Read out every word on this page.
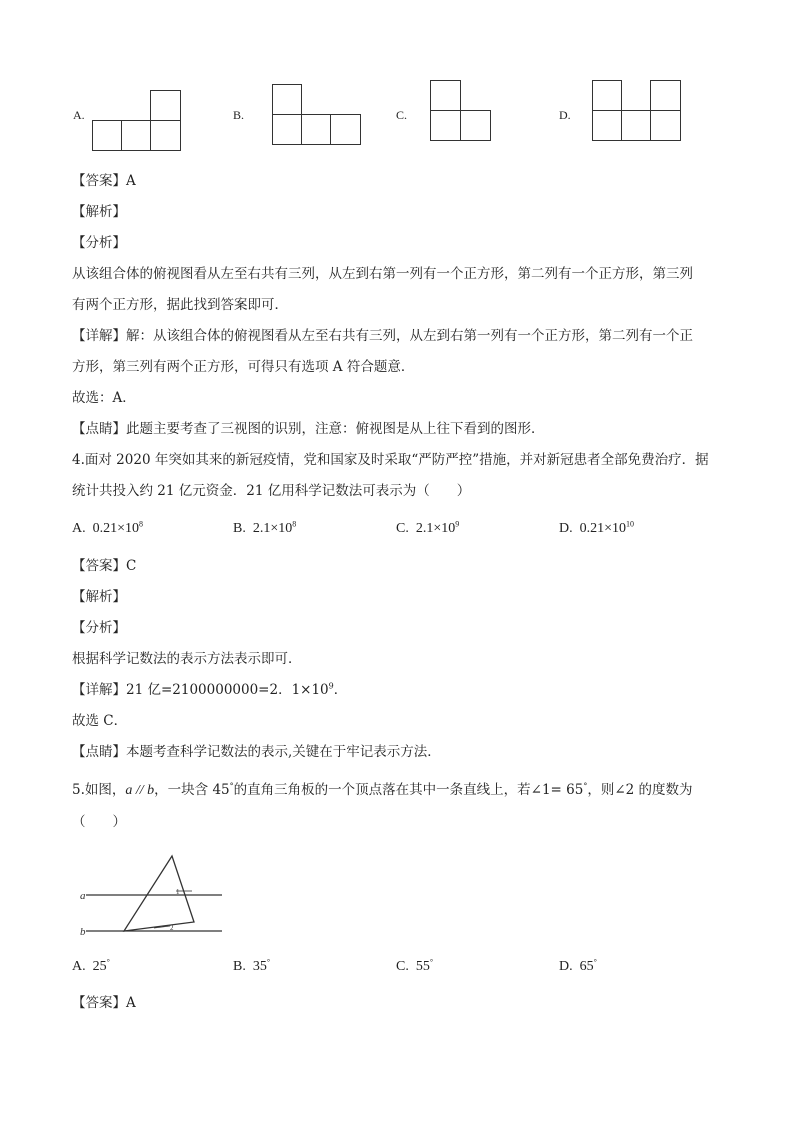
A.	B.	C.	D.
【答案】A
【解析】
【分析】
从该组合体的俯视图看从左至右共有三列，从左到右第一列有一个正方形，第二列有一个正方形，第三列
有两个正方形，据此找到答案即可．
【详解】解：从该组合体的俯视图看从左至右共有三列，从左到右第一列有一个正方形，第二列有一个正
方形，第三列有两个正方形，可得只有选项 A 符合题意．
故选：A．
【点睛】此题主要考查了三视图的识别，注意：俯视图是从上往下看到的图形．
4.面对 2020 年突如其来的新冠疫情，党和国家及时采取“严防严控”措施，并对新冠患者全部免费治疗．据
统计共投入约 21 亿元资金．21 亿用科学记数法可表示为（　　）
A. $0.21\times 10^8$	B. $2.1\times 10^8$	C. $2.1\times 10^9$	D. $0.21\times 10^{10}$
【答案】C
【解析】
【分析】
根据科学记数法的表示方法表示即可．
【详解】21 亿=2100000000=2．$1\times 10^9$．
故选 C．
【点睛】本题考查科学记数法的表示,关键在于牢记表示方法．
5.如图，a // b，一块含 45°的直角三角板的一个顶点落在其中一条直线上，若∠1= 65°，则∠2 的度数为
（　　）
a
b
1
2
A. 25°	B. 35°	C. 55°	D. 65°
【答案】A
